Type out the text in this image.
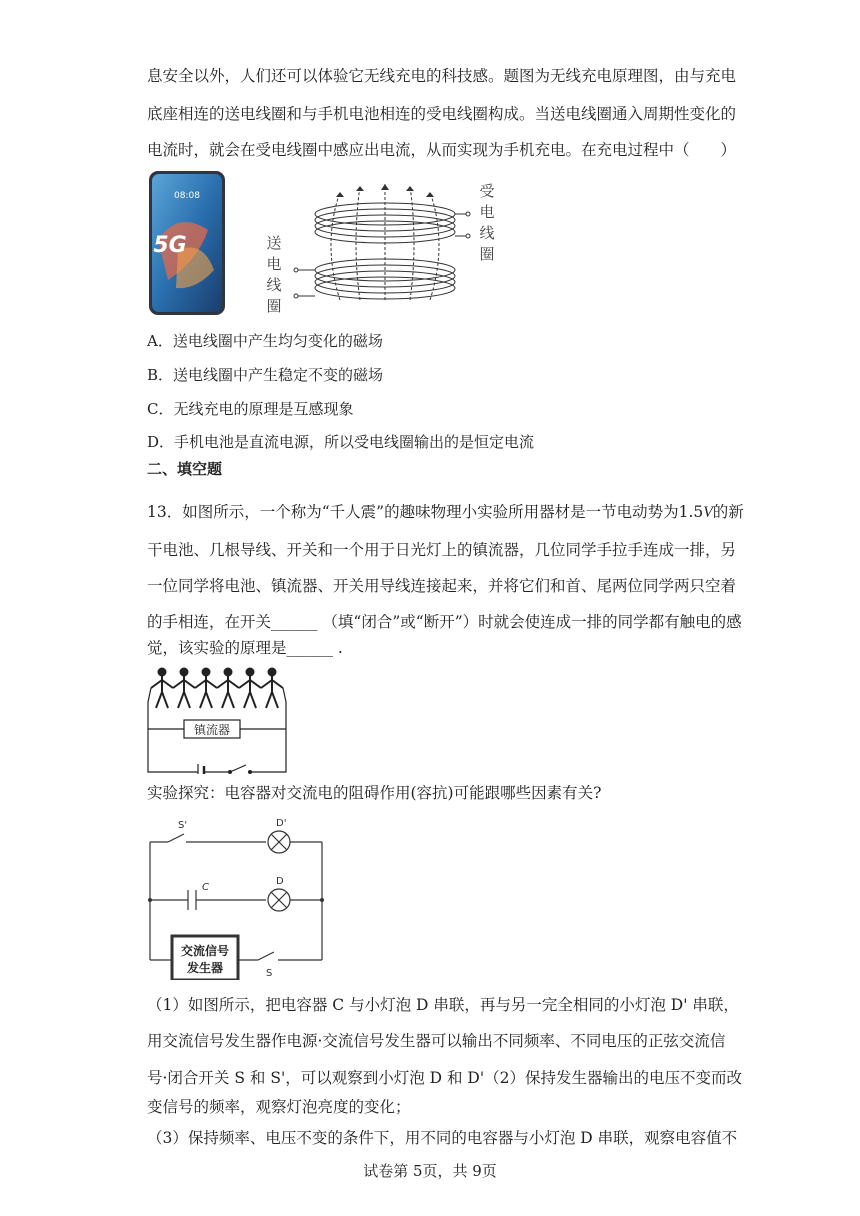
息安全以外，人们还可以体验它无线充电的科技感。题图为无线充电原理图，由与充电
底座相连的送电线圈和与手机电池相连的受电线圈构成。当送电线圈通入周期性变化的
电流时，就会在受电线圈中感应出电流，从而实现为手机充电。在充电过程中（　　）
08:08
5G
受
电
线
圈
送
电
线
圈
A．送电线圈中产生均匀变化的磁场
B．送电线圈中产生稳定不变的磁场
C．无线充电的原理是互感现象
D．手机电池是直流电源，所以受电线圈输出的是恒定电流
二、填空题
13．如图所示，一个称为“千人震”的趣味物理小实验所用器材是一节电动势为1.5V的新
干电池、几根导线、开关和一个用于日光灯上的镇流器，几位同学手拉手连成一排，另
一位同学将电池、镇流器、开关用导线连接起来，并将它们和首、尾两位同学两只空着
的手相连，在开关______ （填“闭合”或“断开”）时就会使连成一排的同学都有触电的感
觉，该实验的原理是______ .
镇流器
实验探究：电容器对交流电的阻碍作用(容抗)可能跟哪些因素有关?
S'	D'
C
D
交流信号
发生器	S
（1）如图所示，把电容器 C 与小灯泡 D 串联，再与另一完全相同的小灯泡 D' 串联，
用交流信号发生器作电源·交流信号发生器可以输出不同频率、不同电压的正弦交流信
号·闭合开关 S 和 S'，可以观察到小灯泡 D 和 D'（2）保持发生器输出的电压不变而改
变信号的频率，观察灯泡亮度的变化；
（3）保持频率、电压不变的条件下，用不同的电容器与小灯泡 D 串联，观察电容值不
试卷第 5页，共 9页
